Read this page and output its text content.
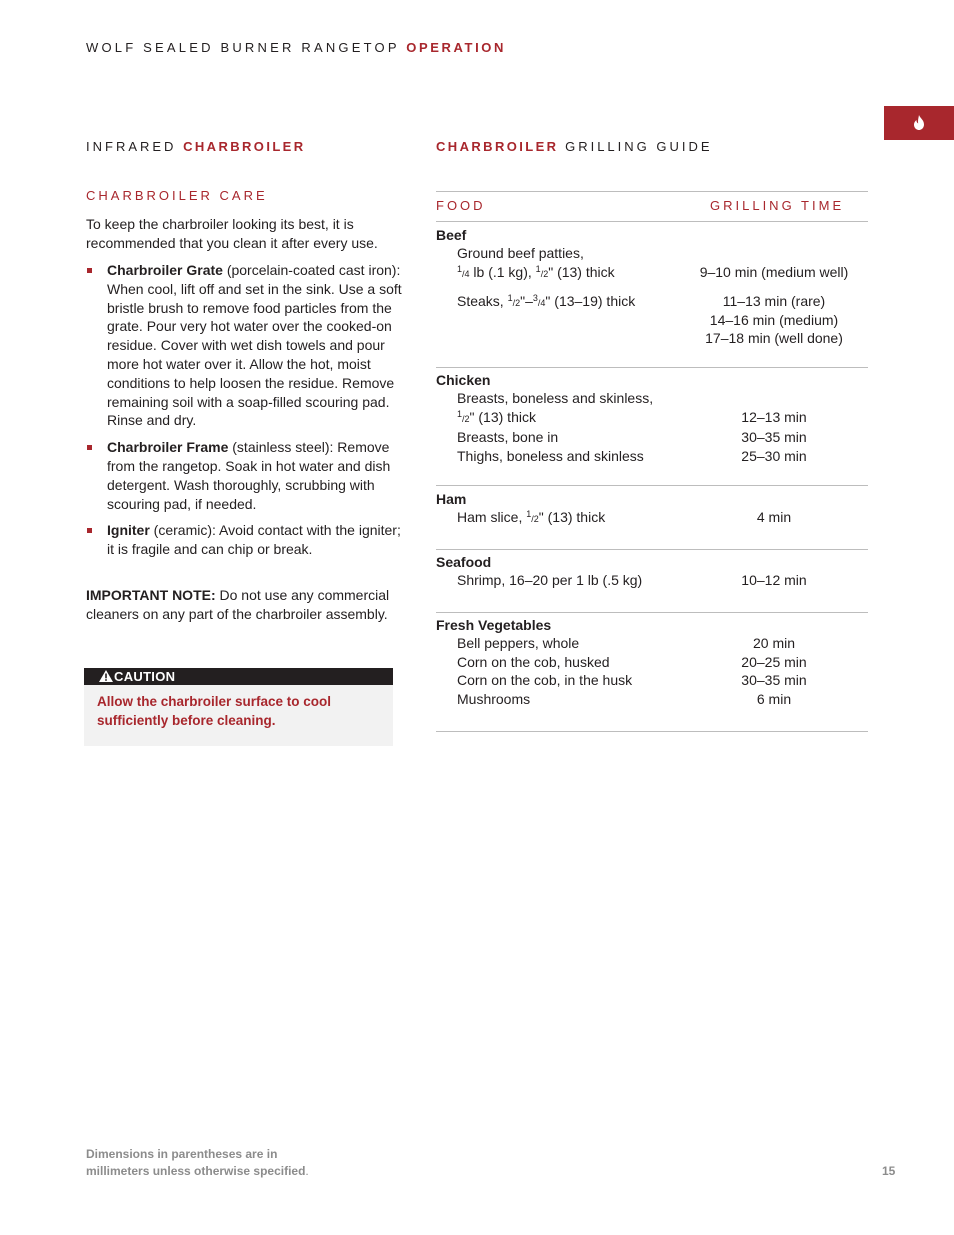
WOLF SEALED BURNER RANGETOP OPERATION
INFRARED CHARBROILER
CHARBROILER CARE
To keep the charbroiler looking its best, it is recommended that you clean it after every use.
Charbroiler Grate (porcelain-coated cast iron): When cool, lift off and set in the sink. Use a soft bristle brush to remove food particles from the grate. Pour very hot water over the cooked-on residue. Cover with wet dish towels and pour more hot water over it. Allow the hot, moist conditions to help loosen the residue. Remove remaining soil with a soap-filled scouring pad. Rinse and dry.
Charbroiler Frame (stainless steel): Remove from the rangetop. Soak in hot water and dish detergent. Wash thoroughly, scrubbing with scouring pad, if needed.
Igniter (ceramic): Avoid contact with the igniter; it is fragile and can chip or break.
IMPORTANT NOTE: Do not use any commercial cleaners on any part of the charbroiler assembly.
CAUTION
Allow the charbroiler surface to cool sufficiently before cleaning.
CHARBROILER GRILLING GUIDE
FOOD	GRILLING TIME
Beef
Ground beef patties,
$^1$/4 lb (.1 kg), $^1$/2" (13) thick	9–10 min (medium well)
Steaks, $^1$/2"–$^3$/4" (13–19) thick	11–13 min (rare)
14–16 min (medium)
17–18 min (well done)
Chicken
Breasts, boneless and skinless,
$^1$/2" (13) thick	12–13 min
Breasts, bone in	30–35 min
Thighs, boneless and skinless	25–30 min
Ham
Ham slice, $^1$/2" (13) thick	4 min
Seafood
Shrimp, 16–20 per 1 lb (.5 kg)	10–12 min
Fresh Vegetables
Bell peppers, whole	20 min
Corn on the cob, husked	20–25 min
Corn on the cob, in the husk	30–35 min
Mushrooms	6 min
Dimensions in parentheses are in
millimeters unless otherwise specified.	15
